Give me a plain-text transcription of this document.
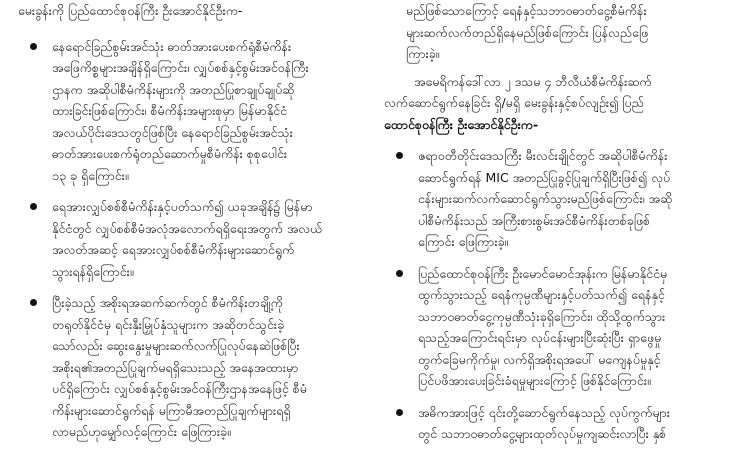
မေးခွန်းကို ပြည်ထောင်စုဝန်ကြီး ဦးအောင်နိုင်ဦးက-
နေရောင်ခြည်စွမ်းအင်သုံး ဓာတ်အားပေးစက်ရုံစီမံကိန်း
အဖြေကိစ္စများအချိန်ရှိကြောင်း၊ လျှပ်စစ်နှင့်စွမ်းအင်ဝန်ကြီး
ဌာနက အဆိုပါစီမံကိန်းများကို အတည်ပြုစာချုပ်ချုပ်ဆို
ထားခြင်းဖြစ်ကြောင်း၊ စီမံကိန်းအများစုမှာ မြန်မာနိုင်ငံ
အလယ်ပိုင်းဒေသတွင်ဖြစ်ပြီး နေရောင်ခြည်စွမ်းအင်သုံး
ဓာတ်အားပေးစက်ရုံတည်ဆောက်မှုစီမံကိန်း စုစုပေါင်း
၁၃ ခု ရှိကြောင်း။
ရေအားလျှပ်စစ်စီမံကိန်းနှင့်ပတ်သက်၍ ယခုအချိန်၌ မြန်မာ
နိုင်ငံတွင် လျှပ်စစ်စီမံအလုံအလောက်ရရှိရေးအတွက် အလယ်
အလတ်အဆင့် ရေအားလျှပ်စစ်စီမံကိန်းများဆောင်ရွက်
သွားရန်ရှိကြောင်း။
ပြီးခဲ့သည့် အစိုးရအဆက်ဆက်တွင် စီမံကိန်းတချို့ကို
တရုတ်နိုင်ငံမှ ရင်းနှီးမြှုပ်နှံသူများက အဆိုတင်သွင်းခဲ့
သော်လည်း ဆွေးနွေးမှုများဆက်လက်ပြုလုပ်နေဆဲဖြစ်ပြီး
အစိုးရ၏အတည်ပြုချက်မရရှိသေးသည့် အနေအထားမှာ
ပင်ရှိကြောင်း လျှပ်စစ်နှင့်စွမ်းအင်ဝန်ကြီးဌာနအနေဖြင့် စီမံ
ကိန်းများဆောင်ရွက်ရန် မကြာမီအတည်ပြုချက်များရရှိ
လာမည်ဟုမျှော်လင့်ကြောင်း ဖြေကြားခဲ့။
မည်ဖြစ်သောကြောင့် ရေနံနှင့်သဘာဝဓာတ်ငွေ့စီမံကိန်း
များဆက်လက်တည်ရှိနေမည်ဖြစ်ကြောင်း ပြန်လည်ဖြေ
ကြားခဲ့။
အမေရိကန်ဒေါ်လာ ၂ ဒသမ ၄ ဘီလီယံစီမံကိန်းဆက်
လက်ဆောင်ရွက်နေခြင်း ရှိ/မရှိ မေးခွန်းနှင့်စပ်လျဉ်း၍ ပြည်
ထောင်စုဝန်ကြီး ဦးအောင်နိုင်ဦးက-
ဇရာဝတီတိုင်းဒေသကြီး မီးလင်းချိုင်တွင် အဆိုပါစီမံကိန်း
ဆောင်ရွက်ရန် MIC အတည်ပြုခွင့်ပြုချက်ရှိပြီးဖြစ်၍ လုပ်
ငန်းများဆက်လက်ဆောင်ရွက်သွားမည်ဖြစ်ကြောင်း၊ အဆို
ပါစီမံကိန်းသည် အကြီးစားစွမ်းအင်စီမံကိန်းတစ်ခုဖြစ်
ကြောင်း ဖြေကြားခဲ့။
ပြည်ထောင်စုဝန်ကြီး ဦးမောင်မောင်အုန်းက မြန်မာနိုင်ငံမှ
ထွက်သွားသည့် ရေနံကုမ္ပဏီများနှင့်ပတ်သက်၍ ရေနံနှင့်
သဘာဝဓာတ်ငွေ့ကုမ္ပဏီသုံးခုရှိကြောင်း၊ ထိုသို့ထွက်သွား
ရသည့်အကြောင်းရင်းမှာ လုပ်ငန်းများပြီးဆုံးပြီး ရှာဖွေမှု
တွက်ခြေမကိုက်မှု၊ လက်ရှိအစိုးရအပေါ် မကျေနပ်မှုနှင့်
ပြင်ပဖိအားပေးခြင်းခံရမှုများကြောင့် ဖြစ်နိုင်ကြောင်း။
အဓိကအားဖြင့် ၎င်းတို့ဆောင်ရွက်နေသည့် လုပ်ကွက်များ
တွင် သဘာဝဓာတ်ငွေ့များထုတ်လုပ်မှုကျဆင်းလာပြီး နှစ်
